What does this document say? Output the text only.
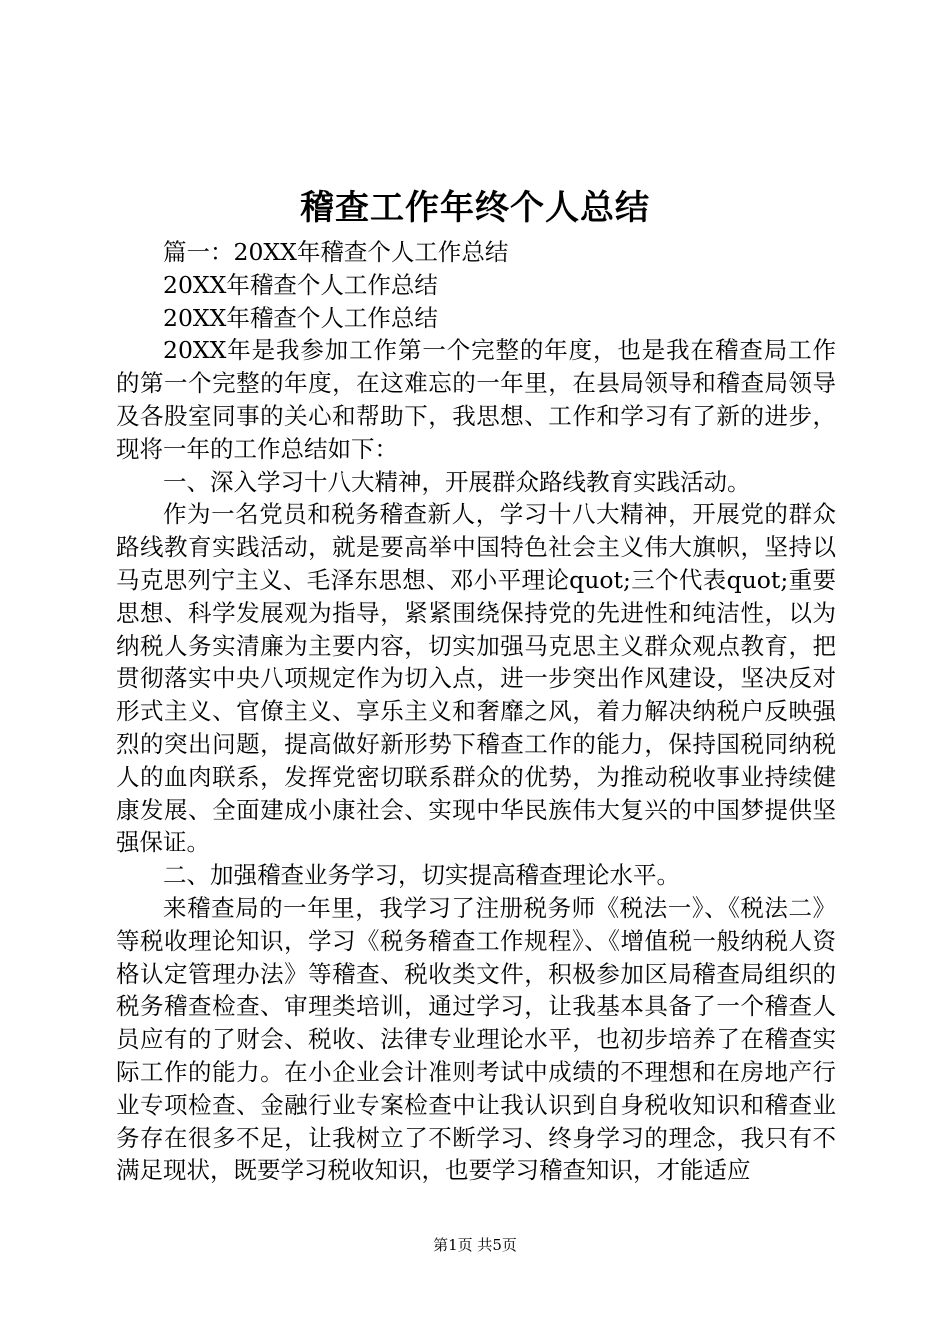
稽查工作年终个人总结

篇一：20XX年稽查个人工作总结

20XX年稽查个人工作总结

20XX年稽查个人工作总结

20XX年是我参加工作第一个完整的年度，也是我在稽查局工作的第一个完整的年度，在这难忘的一年里，在县局领导和稽查局领导及各股室同事的关心和帮助下，我思想、工作和学习有了新的进步，现将一年的工作总结如下：

一、深入学习十八大精神，开展群众路线教育实践活动。

作为一名党员和税务稽查新人，学习十八大精神，开展党的群众路线教育实践活动，就是要高举中国特色社会主义伟大旗帜，坚持以马克思列宁主义、毛泽东思想、邓小平理论quot;三个代表quot;重要思想、科学发展观为指导，紧紧围绕保持党的先进性和纯洁性，以为纳税人务实清廉为主要内容，切实加强马克思主义群众观点教育，把贯彻落实中央八项规定作为切入点，进一步突出作风建设，坚决反对形式主义、官僚主义、享乐主义和奢靡之风，着力解决纳税户反映强烈的突出问题，提高做好新形势下稽查工作的能力，保持国税同纳税人的血肉联系，发挥党密切联系群众的优势，为推动税收事业持续健康发展、全面建成小康社会、实现中华民族伟大复兴的中国梦提供坚强保证。

二、加强稽查业务学习，切实提高稽查理论水平。

来稽查局的一年里，我学习了注册税务师《税法一》、《税法二》等税收理论知识，学习《税务稽查工作规程》、《增值税一般纳税人资格认定管理办法》等稽查、税收类文件，积极参加区局稽查局组织的税务稽查检查、审理类培训，通过学习，让我基本具备了一个稽查人员应有的了财会、税收、法律专业理论水平，也初步培养了在稽查实际工作的能力。在小企业会计准则考试中成绩的不理想和在房地产行业专项检查、金融行业专案检查中让我认识到自身税收知识和稽查业务存在很多不足，让我树立了不断学习、终身学习的理念，我只有不满足现状，既要学习税收知识，也要学习稽查知识，才能适应

第1页 共5页
